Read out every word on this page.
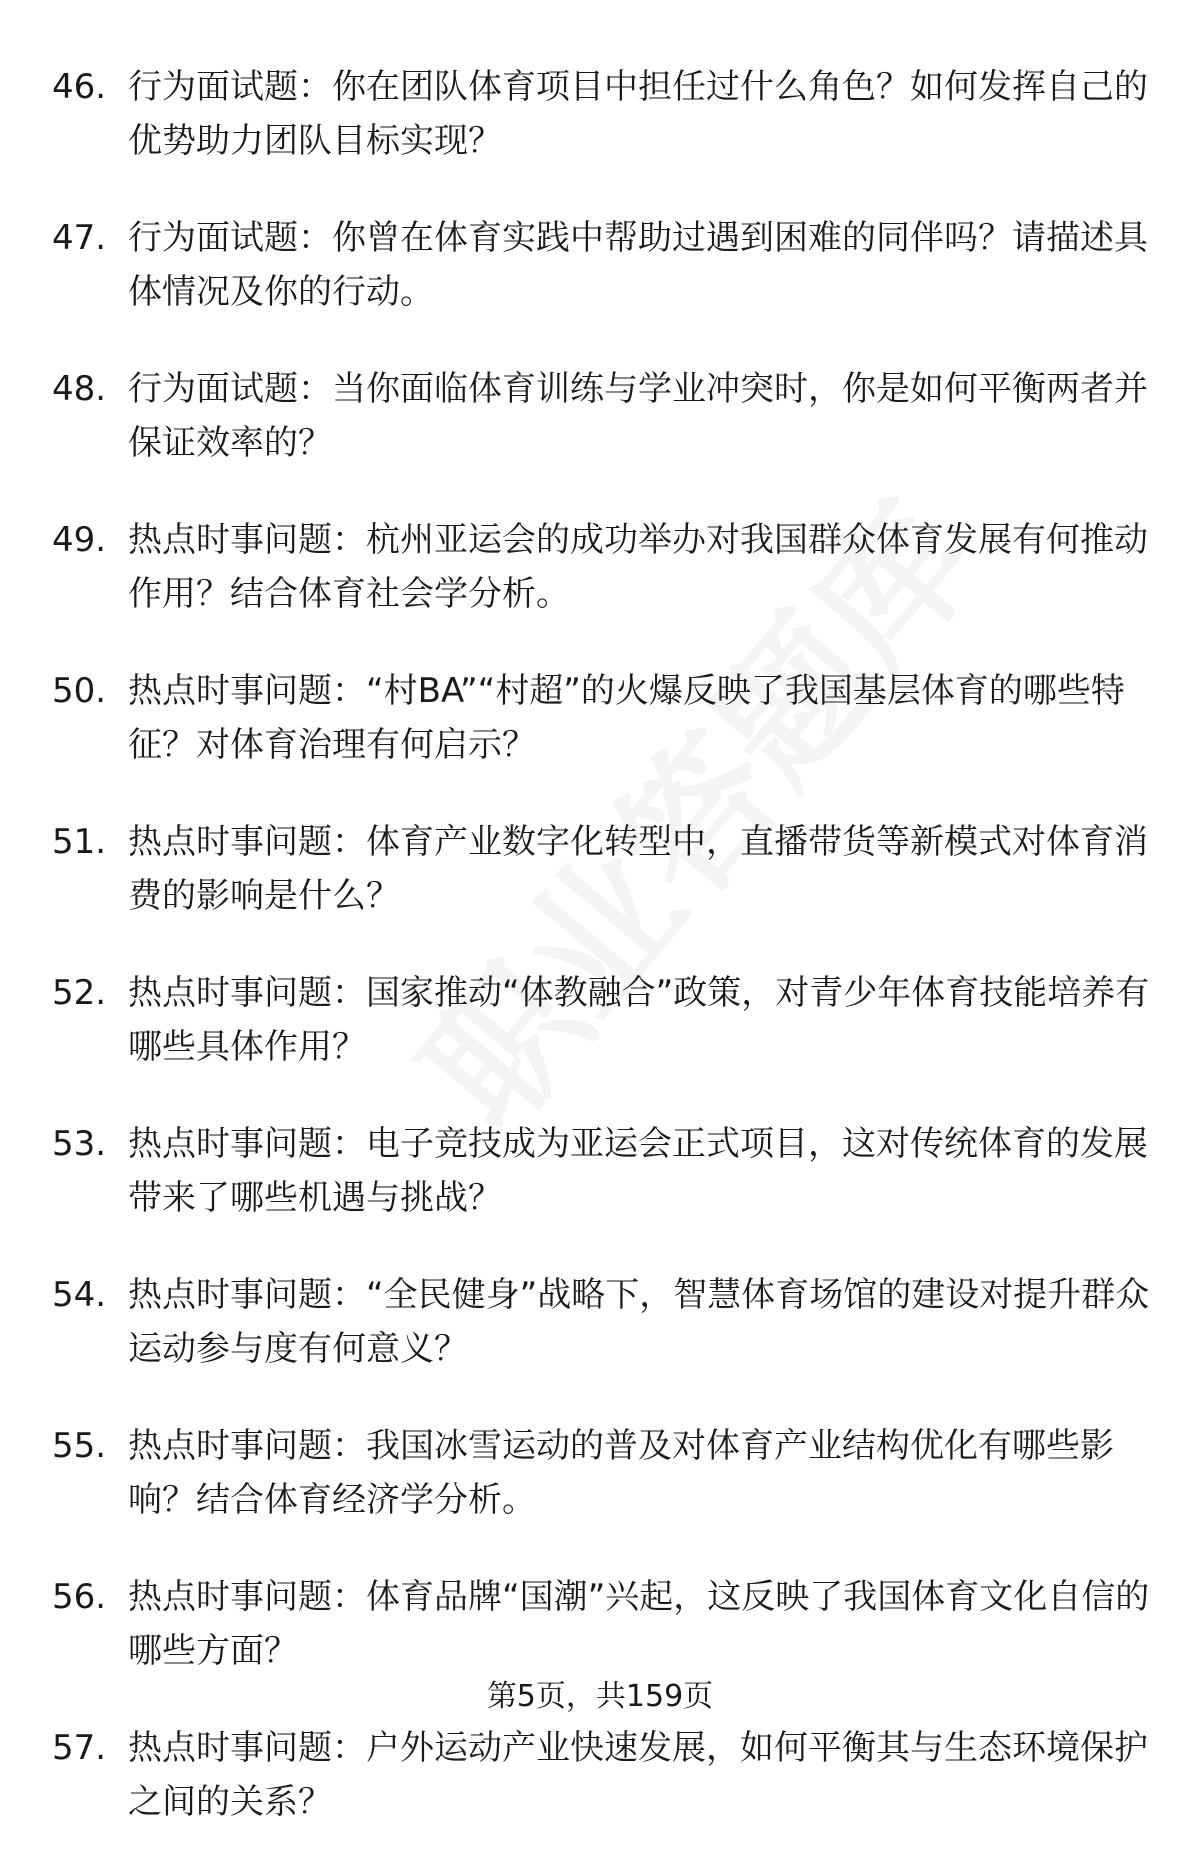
46. 行为面试题：你在团队体育项目中担任过什么角色？如何发挥自己的优势助力团队目标实现？
47. 行为面试题：你曾在体育实践中帮助过遇到困难的同伴吗？请描述具体情况及你的行动。
48. 行为面试题：当你面临体育训练与学业冲突时，你是如何平衡两者并保证效率的？
49. 热点时事问题：杭州亚运会的成功举办对我国群众体育发展有何推动作用？结合体育社会学分析。
50. 热点时事问题：“村BA”“村超”的火爆反映了我国基层体育的哪些特征？对体育治理有何启示？
51. 热点时事问题：体育产业数字化转型中，直播带货等新模式对体育消费的影响是什么？
52. 热点时事问题：国家推动“体教融合”政策，对青少年体育技能培养有哪些具体作用？
53. 热点时事问题：电子竞技成为亚运会正式项目，这对传统体育的发展带来了哪些机遇与挑战？
54. 热点时事问题：“全民健身”战略下，智慧体育场馆的建设对提升群众运动参与度有何意义？
55. 热点时事问题：我国冰雪运动的普及对体育产业结构优化有哪些影响？结合体育经济学分析。
56. 热点时事问题：体育品牌“国潮”兴起，这反映了我国体育文化自信的哪些方面？
57. 热点时事问题：户外运动产业快速发展，如何平衡其与生态环境保护之间的关系？
第5页，共159页
